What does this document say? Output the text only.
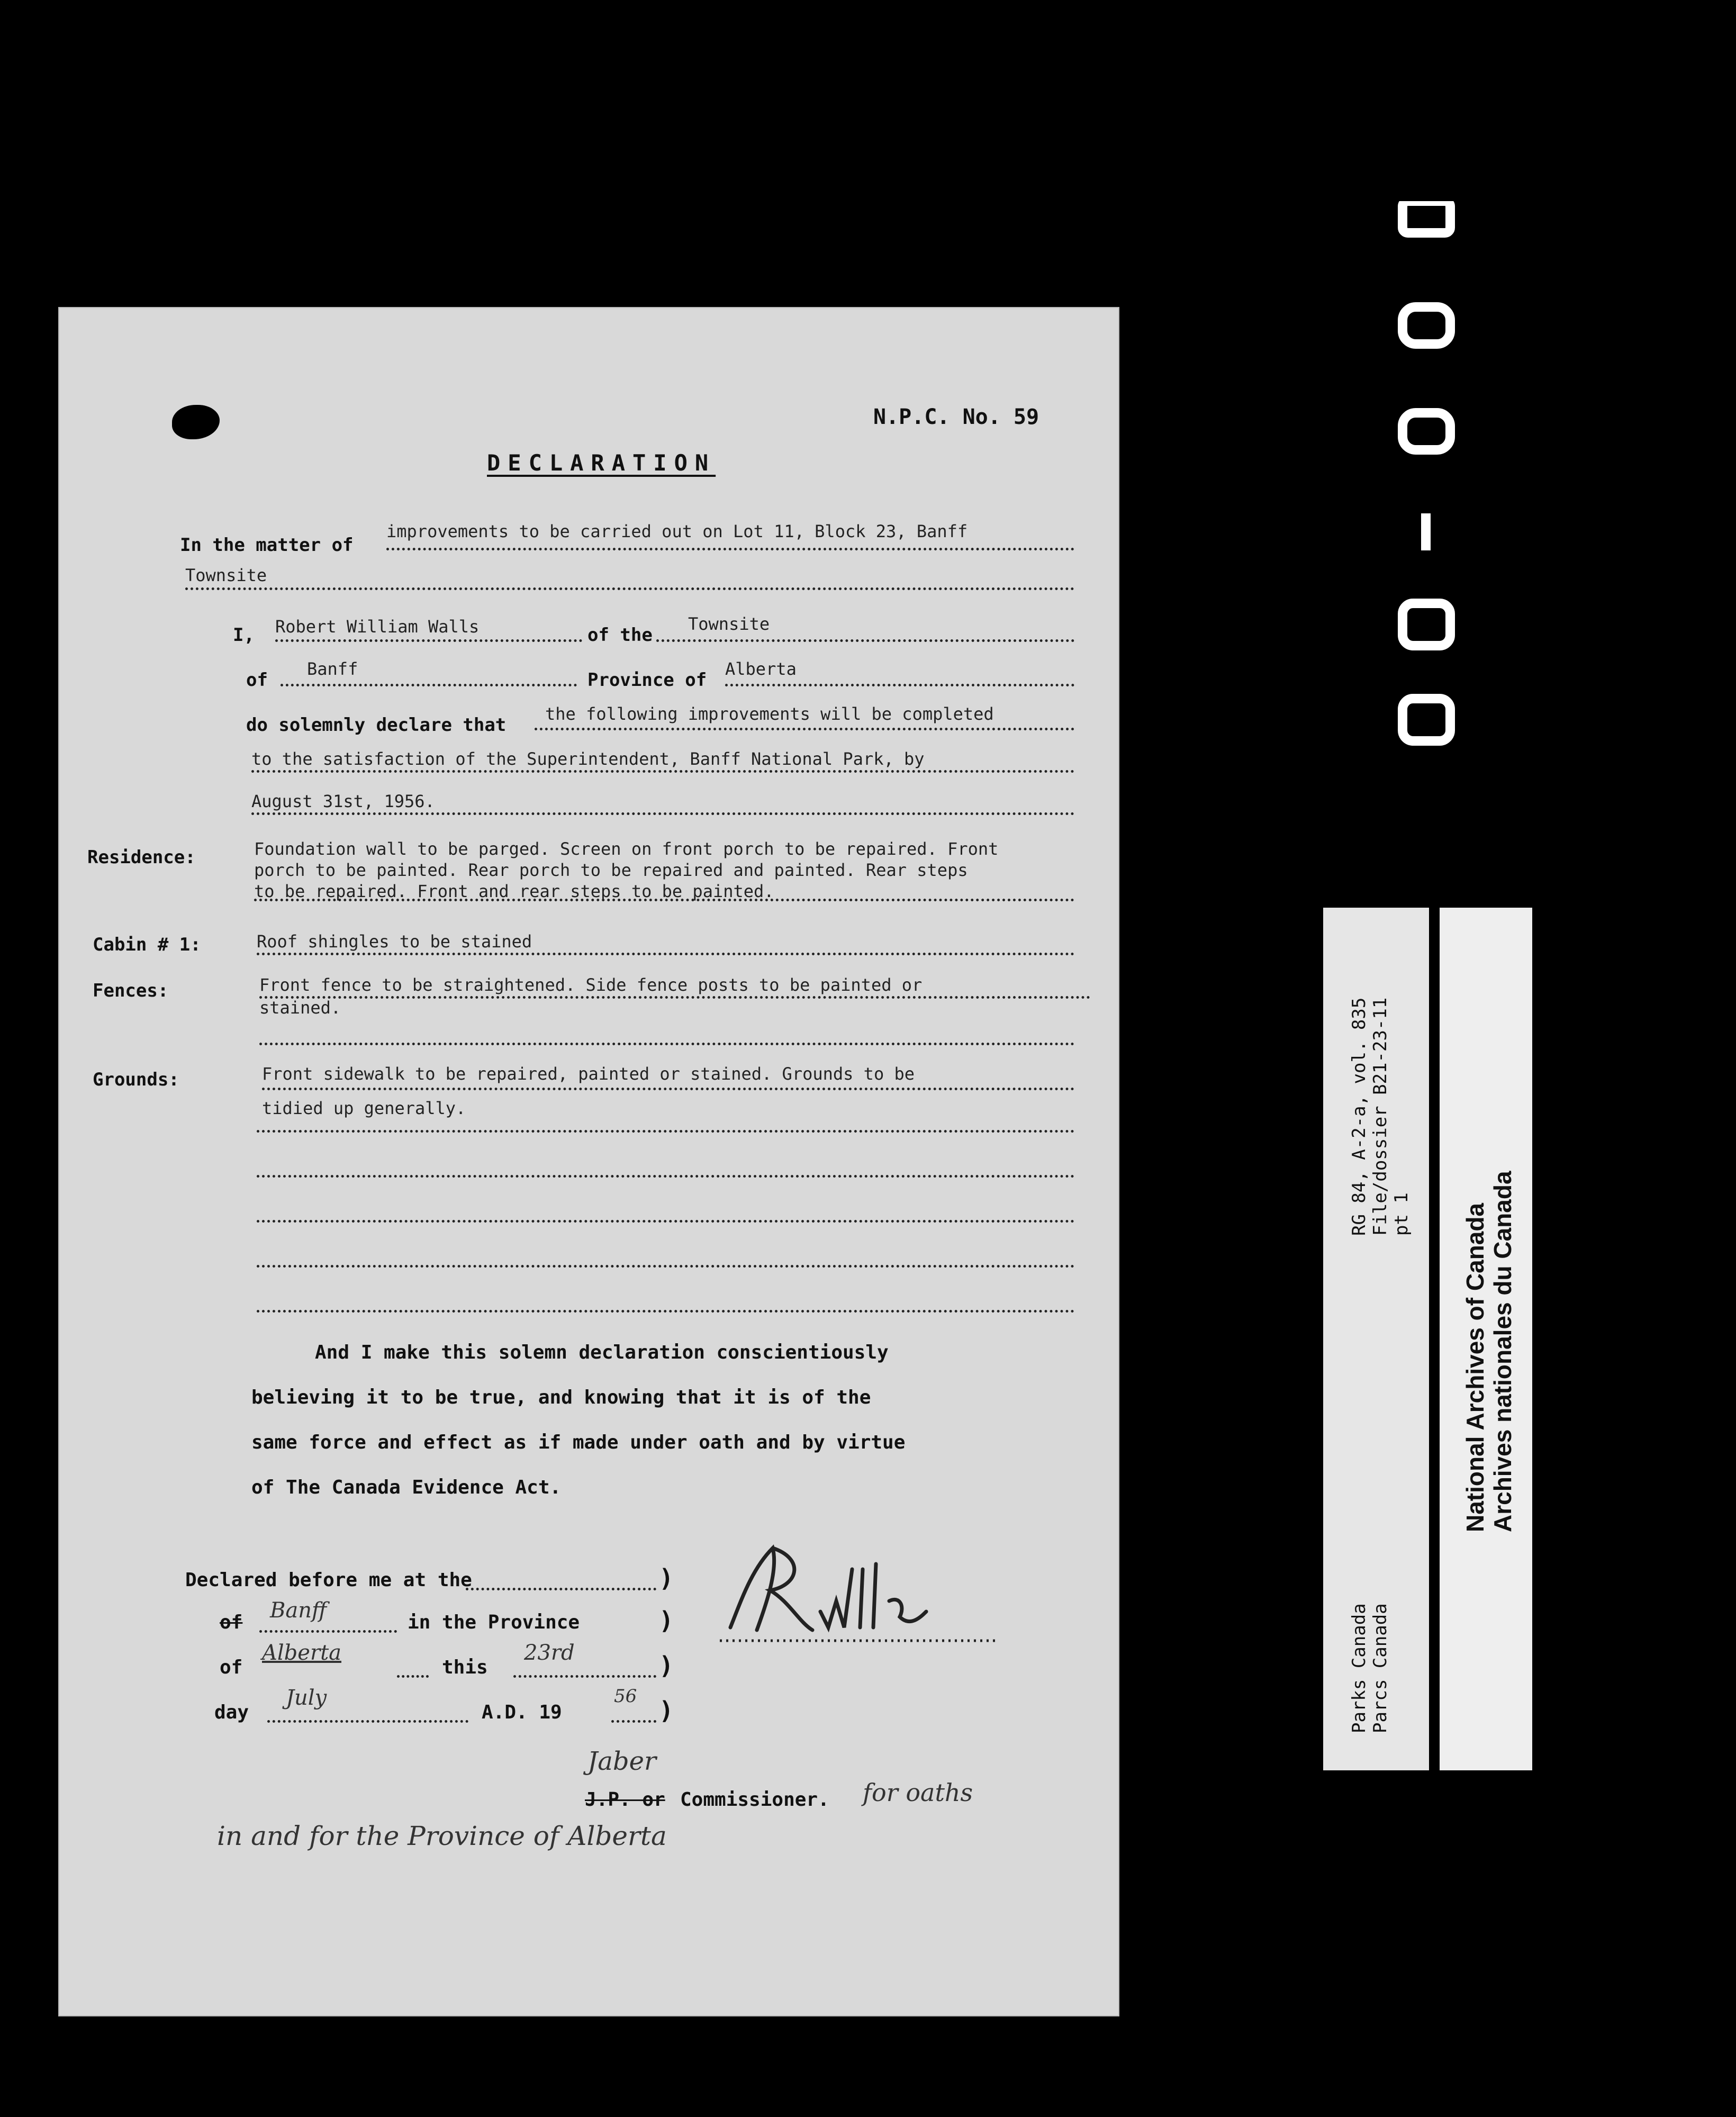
RG 84, A-2-a, vol. 835 File/dossier B21-23-11 pt 1
Parks Canada Parcs Canada
National Archives of Canada Archives nationales du Canada
N.P.C. No. 59
DECLARATION
In the matter of
improvements to be carried out on Lot 11, Block 23, Banff
Townsite
I, Robert William Walls	of the
Townsite
of
Banff
Province of
Alberta
do solemnly declare that
the following improvements will be completed
to the satisfaction of the Superintendent, Banff National Park, by
August 31st, 1956.
Residence:	Foundation wall to be parged. Screen on front porch to be repaired. Front
porch to be painted. Rear porch to be repaired and painted. Rear steps
to be repaired. Front and rear steps to be painted.
Cabin # 1:	Roof shingles to be stained
Fences:	Front fence to be straightened. Side fence posts to be painted or
stained.
Grounds:	Front sidewalk to be repaired, painted or stained. Grounds to be
tidied up generally.
And I make this solemn declaration conscientiously
believing it to be true, and knowing that it is of the
same force and effect as if made under oath and by virtue
of The Canada Evidence Act.
Declared before me at the	)
of Banff	in the Province	)
of
Alberta
this
23rd	)
day
July
A.D. 19
56 )
Jaber
J.P. or Commissioner. for oaths
in and for the Province of Alberta
